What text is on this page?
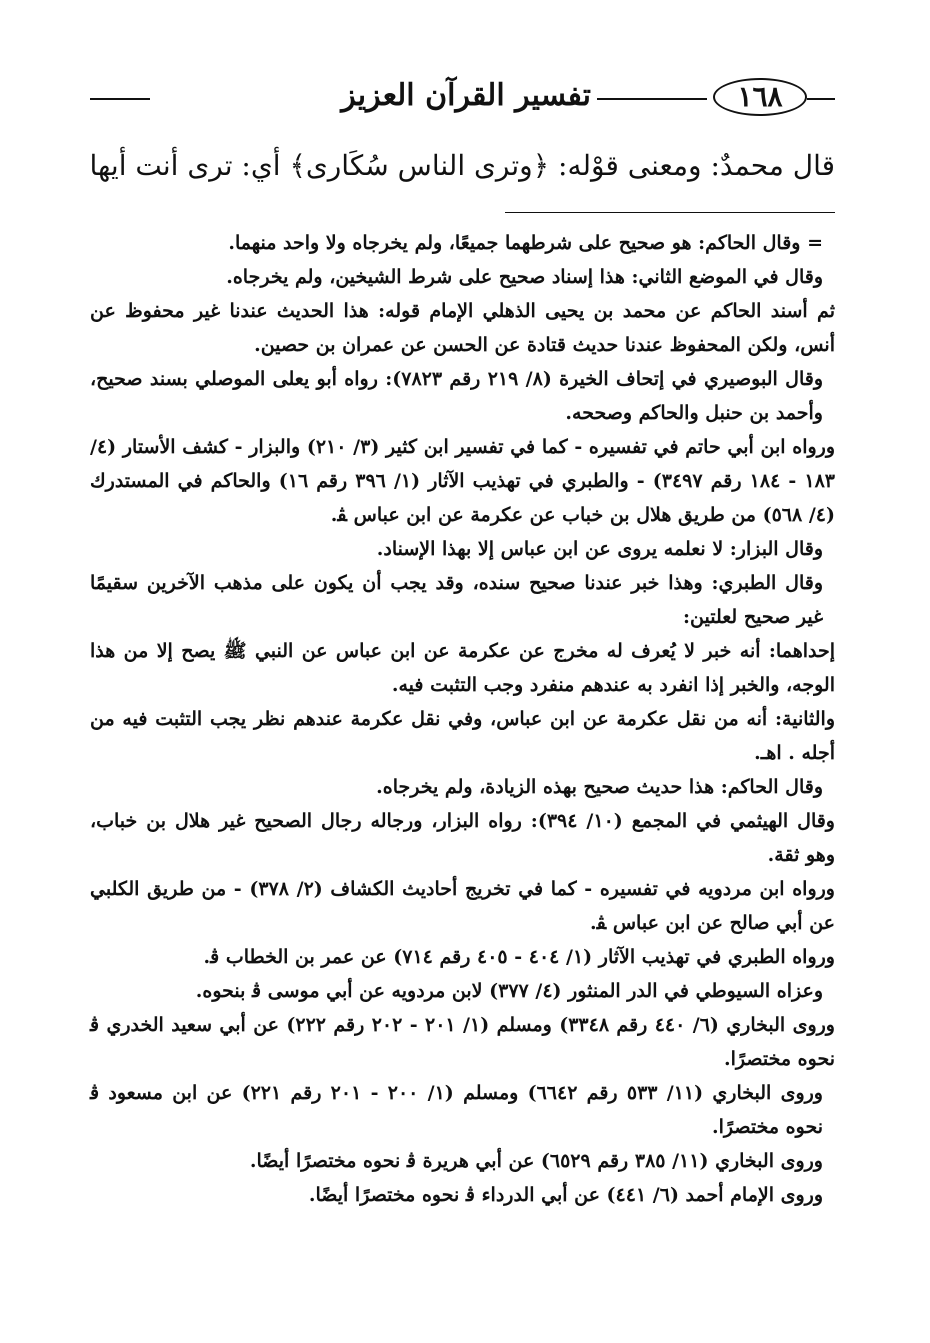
١٦٨
تفسير القرآن العزيز
قال محمدٌ: ومعنى قوْله: ﴿وترى الناس سُكَارى﴾ أي: ترى أنت أيها

= وقال الحاكم: هو صحيح على شرطهما جميعًا، ولم يخرجاه ولا واحد منهما.

وقال في الموضع الثاني: هذا إسناد صحيح على شرط الشيخين، ولم يخرجاه.

ثم أسند الحاكم عن محمد بن يحيى الذهلي الإمام قوله: هذا الحديث عندنا غير محفوظ عن أنس، ولكن المحفوظ عندنا حديث قتادة عن الحسن عن عمران بن حصين.

وقال البوصيري في إتحاف الخيرة (٨/ ٢١٩ رقم ٧٨٢٣): رواه أبو يعلى الموصلي بسند صحيح، وأحمد بن حنبل والحاكم وصححه.

ورواه ابن أبي حاتم في تفسيره - كما في تفسير ابن كثير (٣/ ٢١٠) والبزار - كشف الأستار (٤/ ١٨٣ - ١٨٤ رقم ٣٤٩٧) - والطبري في تهذيب الآثار (١/ ٣٩٦ رقم ١٦) والحاكم في المستدرك (٤/ ٥٦٨) من طريق هلال بن خباب عن عكرمة عن ابن عباس ﭭ.

وقال البزار: لا نعلمه يروى عن ابن عباس إلا بهذا الإسناد.

وقال الطبري: وهذا خبر عندنا صحيح سنده، وقد يجب أن يكون على مذهب الآخرين سقيمًا غير صحيح لعلتين:

إحداهما: أنه خبر لا يُعرف له مخرج عن عكرمة عن ابن عباس عن النبي ﷺ يصح إلا من هذا الوجه، والخبر إذا انفرد به عندهم منفرد وجب التثبت فيه.

والثانية: أنه من نقل عكرمة عن ابن عباس، وفي نقل عكرمة عندهم نظر يجب التثبت فيه من أجله . اهـ.

وقال الحاكم: هذا حديث صحيح بهذه الزيادة، ولم يخرجاه.

وقال الهيثمي في المجمع (١٠/ ٣٩٤): رواه البزار، ورجاله رجال الصحيح غير هلال بن خباب، وهو ثقة.

ورواه ابن مردويه في تفسيره - كما في تخريج أحاديث الكشاف (٢/ ٣٧٨) - من طريق الكلبي عن أبي صالح عن ابن عباس ﭭ.

ورواه الطبري في تهذيب الآثار (١/ ٤٠٤ - ٤٠٥ رقم ٧١٤) عن عمر بن الخطاب ﭬ.

وعزاه السيوطي في الدر المنثور (٤/ ٣٧٧) لابن مردويه عن أبي موسى ﭬ بنحوه.

وروى البخاري (٦/ ٤٤٠ رقم ٣٣٤٨) ومسلم (١/ ٢٠١ - ٢٠٢ رقم ٢٢٢) عن أبي سعيد الخدري ﭬ نحوه مختصرًا.

وروى البخاري (١١/ ٥٣٣ رقم ٦٦٤٢) ومسلم (١/ ٢٠٠ - ٢٠١ رقم ٢٢١) عن ابن مسعود ﭬ نحوه مختصرًا.

وروى البخاري (١١/ ٣٨٥ رقم ٦٥٢٩) عن أبي هريرة ﭬ نحوه مختصرًا أيضًا.

وروى الإمام أحمد (٦/ ٤٤١) عن أبي الدرداء ﭬ نحوه مختصرًا أيضًا.
